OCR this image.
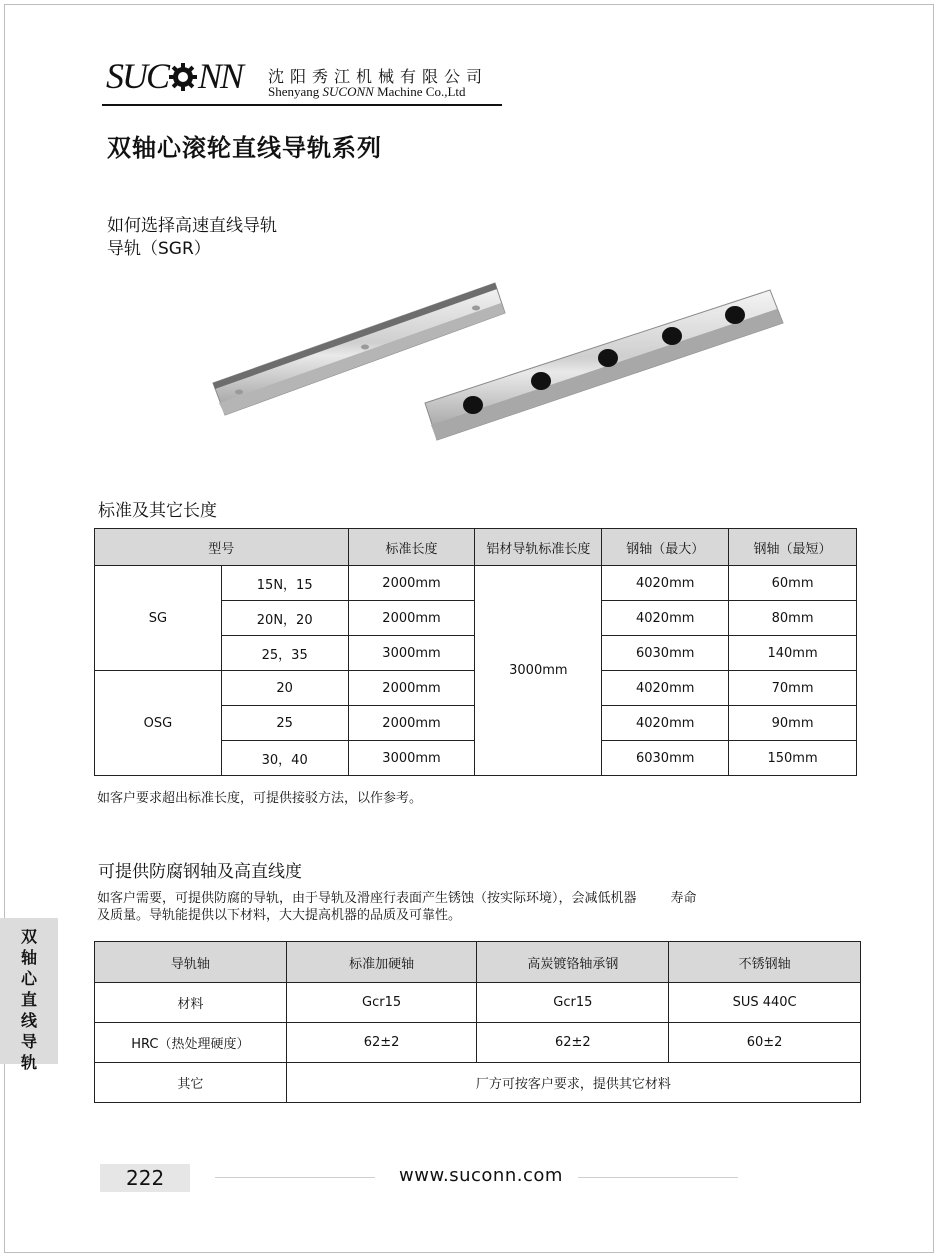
SUC NN 沈阳秀江机械有限公司
Shenyang SUCONN Machine Co.,Ltd
双轴心滚轮直线导轨系列
如何选择高速直线导轨
导轨（SGR）
标准及其它长度
型号		标准长度	铝材导轨标准长度	钢轴（最大）	钢轴（最短）
SG	15N，15	2000mm	3000mm	4020mm	60mm
	20N，20	2000mm		4020mm	80mm
	25，35	3000mm		6030mm	140mm
OSG	20	2000mm		4020mm	70mm
	25	2000mm		4020mm	90mm
	30，40	3000mm		6030mm	150mm
如客户要求超出标准长度，可提供接驳方法，以作参考。
可提供防腐钢轴及高直线度
如客户需要，可提供防腐的导轨，由于导轨及滑座行表面产生锈蚀（按实际环境），会减低机器	寿命
及质量。导轨能提供以下材料，大大提高机器的品质及可靠性。
导轨轴	标准加硬轴	高炭镀铬轴承钢	不锈钢轴
材料	Gcr15	Gcr15	SUS 440C
HRC（热处理硬度）	62±2	62±2	60±2
其它	厂方可按客户要求，提供其它材料		
双轴心直线导轨
222	www.suconn.com
